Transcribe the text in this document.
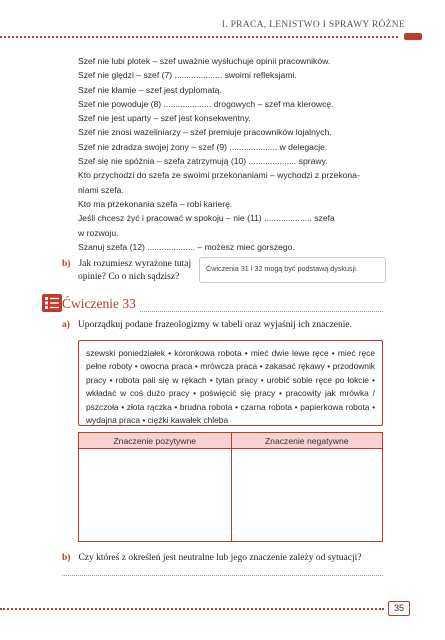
I. PRACA, LENISTWO I SPRAWY RÓŻNE
Szef nie lubi plotek – szef uważnie wysłuchuje opinii pracowników.
Szef nie ględzi – szef (7) .................... swoimi refleksjami.
Szef nie kłamie – szef jest dyplomatą.
Szef nie powoduje (8) .................... drogowych – szef ma kierowcę.
Szef nie jest uparty – szef jest konsekwentny.
Szef nie znosi wazeliniarzy – szef premiuje pracowników lojalnych.
Szef nie zdradza swojej żony – szef (9) .................... w delegacje.
Szef się nie spóźnia – szefa zatrzymują (10) .................... sprawy.
Kto przychodzi do szefa ze swoimi przekonaniami – wychodzi z przekona-
niami szefa.
Kto ma przekonania szefa – robi karierę.
Jeśli chcesz żyć i pracować w spokoju – nie (11) .................... szefa
w rozwoju.
Szanuj szefa (12) .................... – możesz mieć gorszego.
b) Jak rozumiesz wyrażone tutaj
opinie? Co o nich sądzisz?
Ćwiczenia 31 i 32 mogą być podstawą dyskusji.
Ćwiczenie 33
a) Uporządkuj podane frazeologizmy w tabeli oraz wyjaśnij ich znaczenie.
szewski poniedziałek • koronkowa robota • mieć dwie lewe ręce • mieć ręce pełne roboty • owocna praca • mrówcza praca • zakasać rękawy • przodownik pracy • robota pali się w rękach • tytan pracy • urobić sobie ręce po łokcie • wkładać w coś dużo pracy • poświęcić się pracy • pracowity jak mrówka / pszczoła • złota rączka • brudna robota • czarna robota • papierkowa robota • wydajna praca • ciężki kawałek chleba
Znaczenie pozytywne	Znaczenie negatywne
b) Czy któreś z określeń jest neutralne lub jego znaczenie zależy od sytuacji?
35
